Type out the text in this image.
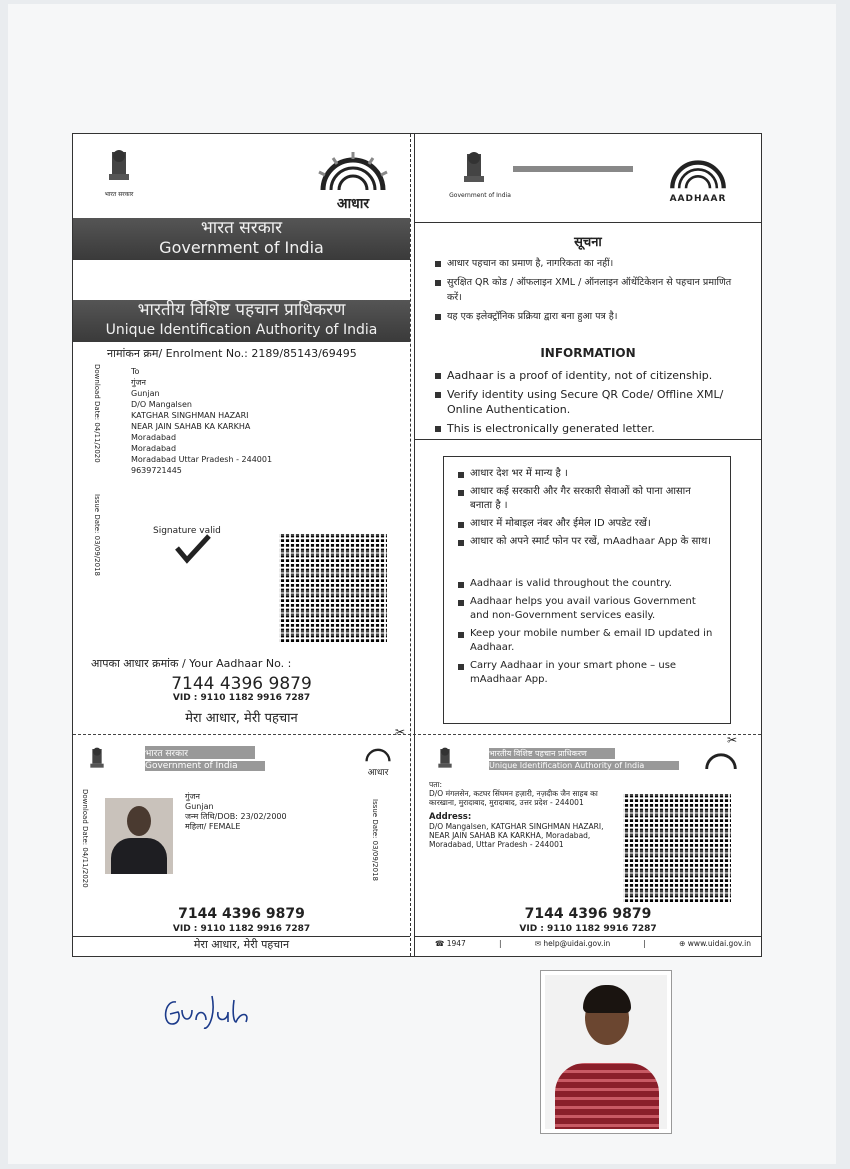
✂
✂
भारत सरकार
आधार
भारत सरकार
Government of India
भारतीय विशिष्ट पहचान प्राधिकरण
Unique Identification Authority of India
नामांकन क्रम/ Enrolment No.: 2189/85143/69495
Download Date: 04/11/2020
Issue Date: 03/09/2018
To
गुंजन
Gunjan
D/O Mangalsen
KATGHAR SINGHMAN HAZARI
NEAR JAIN SAHAB KA KARKHA
Moradabad
Moradabad
Moradabad Uttar Pradesh - 244001
9639721445
Signature valid
आपका आधार क्रमांक / Your Aadhaar No. :
7144 4396 9879
VID : 9110 1182 9916 7287
मेरा आधार, मेरी पहचान
Government of India	AADHAAR
सूचना
आधार पहचान का प्रमाण है, नागरिकता का नहीं।
सुरक्षित QR कोड / ऑफलाइन XML / ऑनलाइन ऑथेंटिकेशन से पहचान प्रमाणित करें।
यह एक इलेक्ट्रॉनिक प्रक्रिया द्वारा बना हुआ पत्र है।
INFORMATION
Aadhaar is a proof of identity, not of citizenship.
Verify identity using Secure QR Code/ Offline XML/ Online Authentication.
This is electronically generated letter.
आधार देश भर में मान्य है ।
आधार कई सरकारी और गैर सरकारी सेवाओं को पाना आसान बनाता है ।
आधार में मोबाइल नंबर और ईमेल ID अपडेट रखें।
आधार को अपने स्मार्ट फोन पर रखें, mAadhaar App के साथ।
Aadhaar is valid throughout the country.
Aadhaar helps you avail various Government and non-Government services easily.
Keep your mobile number & email ID updated in Aadhaar.
Carry Aadhaar in your smart phone – use mAadhaar App.
भारत सरकार
Government of India
आधार
Download Date: 04/11/2020	Issue Date: 03/09/2018
गुंजन
Gunjan
जन्म तिथि/DOB: 23/02/2000
महिला/ FEMALE
7144 4396 9879
VID : 9110 1182 9916 7287
मेरा आधार, मेरी पहचान
भारतीय विशिष्ट पहचान प्राधिकरण
Unique Identification Authority of India
पता:
D/O मंगलसेन, कटघर सिंघमन हज़ारी, नज़दीक जैन साहब का कारखाना, मुरादाबाद, मुरादाबाद, उत्तर प्रदेश - 244001
Address:
D/O Mangalsen, KATGHAR SINGHMAN HAZARI, NEAR JAIN SAHAB KA KARKHA, Moradabad, Moradabad, Uttar Pradesh - 244001
7144 4396 9879
VID : 9110 1182 9916 7287
☎ 1947	|	✉ help@uidai.gov.in	|	⊕ www.uidai.gov.in
